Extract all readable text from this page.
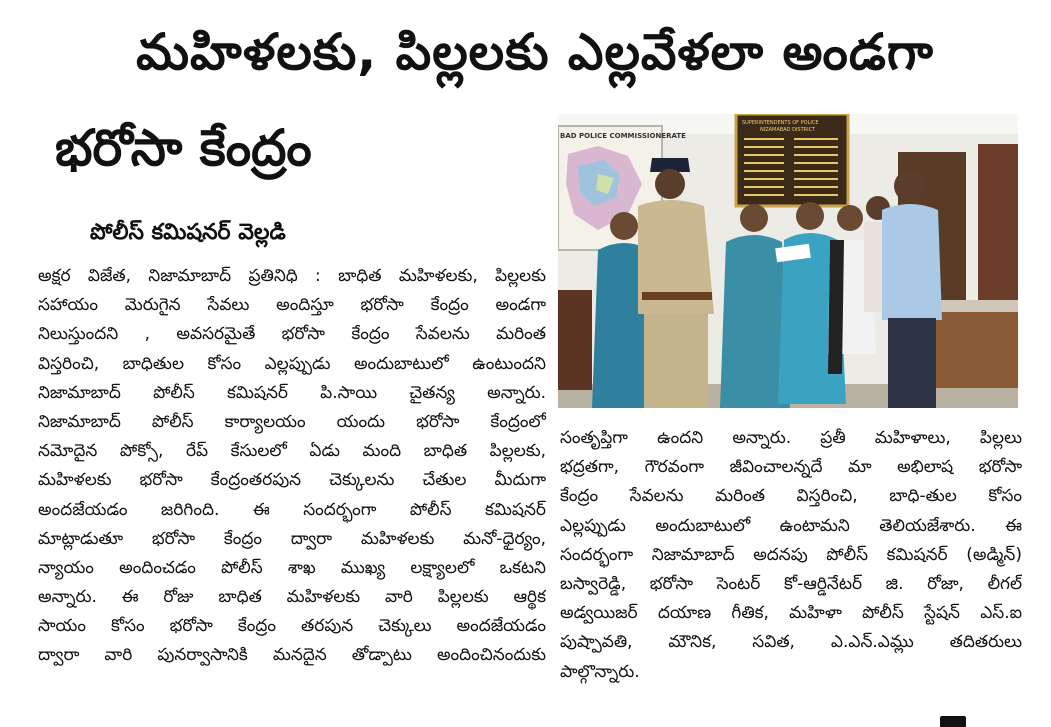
మహిళలకు, పిల్లలకు ఎల్లవేళలా అండగా
భరోసా కేంద్రం
పోలీస్ కమిషనర్ వెల్లడి
అక్షర విజేత, నిజామాబాద్ ప్రతినిధి : బాధిత మహిళలకు, పిల్లలకు
సహాయం మెరుగైన సేవలు అందిస్తూ భరోసా కేంద్రం అండగా
నిలుస్తుందని , అవసరమైతే భరోసా కేంద్రం సేవలను మరింత
విస్తరించి, బాధితుల కోసం ఎల్లప్పుడు అందుబాటులో ఉంటుందని
నిజామాబాద్ పోలీస్ కమిషనర్ పి.సాయి చైతన్య అన్నారు.
నిజామాబాద్ పోలీస్ కార్యాలయం యందు భరోసా కేంద్రంలో
నమోదైన పోక్సో, రేప్ కేసులలో ఏడు మంది బాధిత పిల్లలకు,
మహిళలకు భరోసా కేంద్రంతరపున చెక్కులను చేతుల మీదుగా
అందజేయడం జరిగింది. ఈ సందర్భంగా పోలీస్ కమిషనర్
మాట్లాడుతూ భరోసా కేంద్రం ద్వారా మహిళలకు మనో-ధైర్యం,
న్యాయం అందించడం పోలీస్ శాఖ ముఖ్య లక్ష్యాలలో ఒకటని
అన్నారు. ఈ రోజు బాధిత మహిళలకు వారి పిల్లలకు ఆర్థిక
సాయం కోసం భరోసా కేంద్రం తరపున చెక్కులు అందజేయడం
ద్వారా వారి పునర్వాసానికి మనదైన తోడ్పాటు అందించినందుకు
BAD POLICE COMMISSIONERATE
SUPERINTENDENTS OF POLICE
NIZAMABAD DISTRICT
సంతృప్తిగా ఉందని అన్నారు. ప్రతీ మహిళాలు, పిల్లలు
భద్రతగా, గౌరవంగా జీవించాలన్నదే మా అభిలాష భరోసా
కేంద్రం సేవలను మరింత విస్తరించి, బాధి-తుల కోసం
ఎల్లప్పుడు అందుబాటులో ఉంటామని తెలియజేశారు. ఈ
సందర్భంగా నిజామాబాద్ అదనపు పోలీస్ కమిషనర్ (అడ్మిన్)
బస్వారెడ్డి, భరోసా సెంటర్ కో-ఆర్డినేటర్ జి. రోజా, లీగల్
అడ్వయిజర్ దయాణ గీతిక, మహిళా పోలీస్ స్టేషన్ ఎస్.ఐ
పుష్పావతి, మౌనిక, సవిత, ఎ.ఎన్.ఎమ్లు తదితరులు
పాల్గొన్నారు.
